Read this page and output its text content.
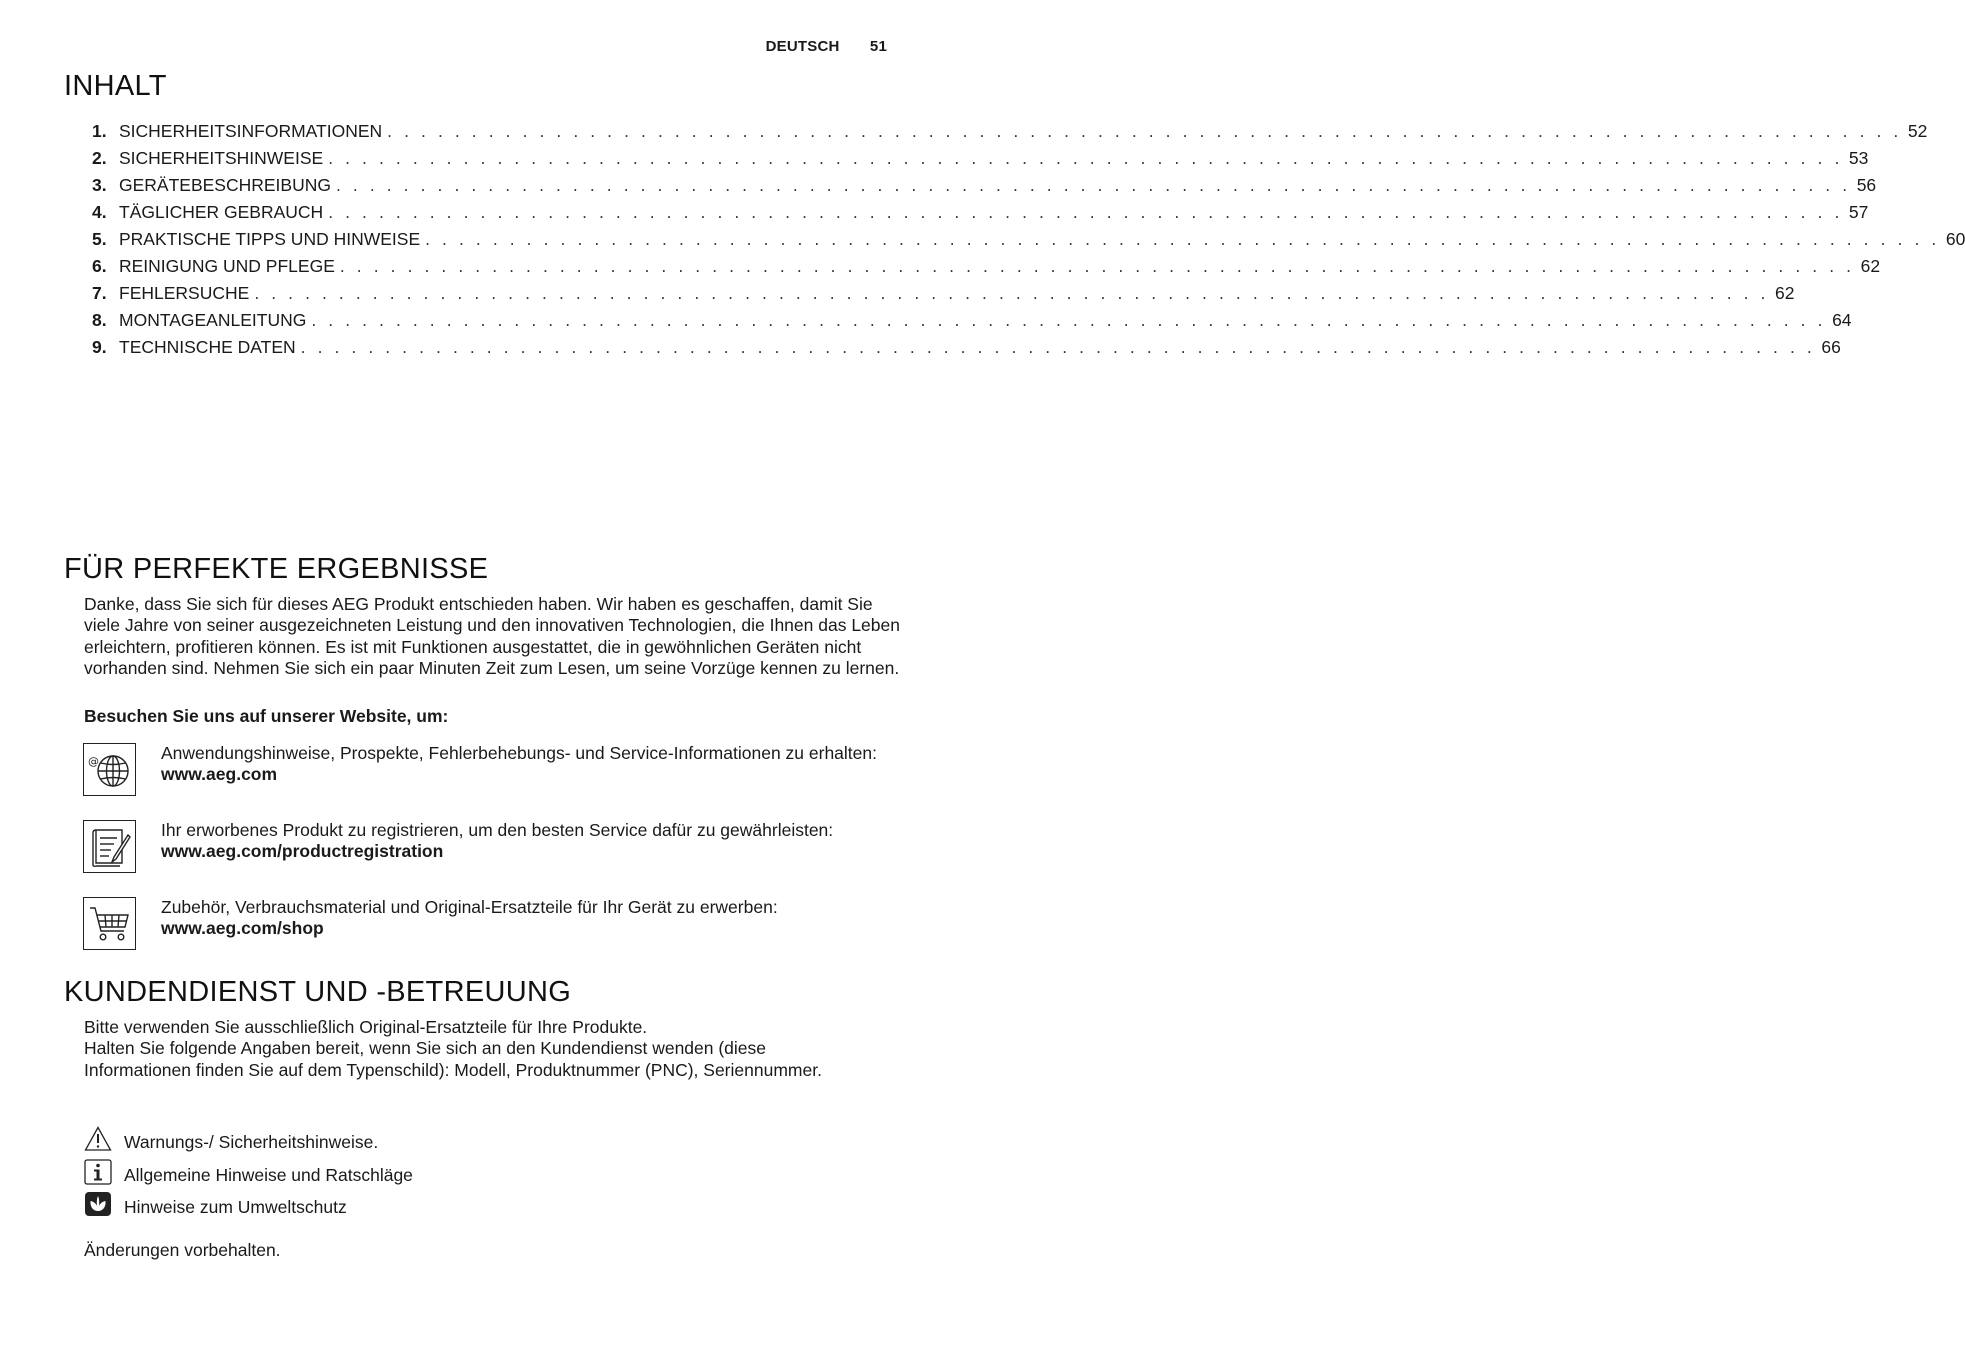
DEUTSCH 51
INHALT
1. SICHERHEITSINFORMATIONEN . . . . . . . . . . . . . . . . . . . . . . . . . . . . . . . . . . . . . . . . . . . . . . . . . . . . . . . . . . . . . . . . . . . . . . . . . . . . . . . . . . . . . . . . . . 52
2. SICHERHEITSHINWEISE . . . . . . . . . . . . . . . . . . . . . . . . . . . . . . . . . . . . . . . . . . . . . . . . . . . . . . . . . . . . . . . . . . . . . . . . . . . . . . . . . . . . . . . . . . 53
3. GERÄTEBESCHREIBUNG . . . . . . . . . . . . . . . . . . . . . . . . . . . . . . . . . . . . . . . . . . . . . . . . . . . . . . . . . . . . . . . . . . . . . . . . . . . . . . . . . . . . . . . . . . 56
4. TÄGLICHER GEBRAUCH . . . . . . . . . . . . . . . . . . . . . . . . . . . . . . . . . . . . . . . . . . . . . . . . . . . . . . . . . . . . . . . . . . . . . . . . . . . . . . . . . . . . . . . . . . 57
5. PRAKTISCHE TIPPS UND HINWEISE . . . . . . . . . . . . . . . . . . . . . . . . . . . . . . . . . . . . . . . . . . . . . . . . . . . . . . . . . . . . . . . . . . . . . . . . . . . . . . . . . . . . . . . . . . 60
6. REINIGUNG UND PFLEGE . . . . . . . . . . . . . . . . . . . . . . . . . . . . . . . . . . . . . . . . . . . . . . . . . . . . . . . . . . . . . . . . . . . . . . . . . . . . . . . . . . . . . . . . . . 62
7. FEHLERSUCHE . . . . . . . . . . . . . . . . . . . . . . . . . . . . . . . . . . . . . . . . . . . . . . . . . . . . . . . . . . . . . . . . . . . . . . . . . . . . . . . . . . . . . . . . . . 62
8. MONTAGEANLEITUNG . . . . . . . . . . . . . . . . . . . . . . . . . . . . . . . . . . . . . . . . . . . . . . . . . . . . . . . . . . . . . . . . . . . . . . . . . . . . . . . . . . . . . . . . . . 64
9. TECHNISCHE DATEN . . . . . . . . . . . . . . . . . . . . . . . . . . . . . . . . . . . . . . . . . . . . . . . . . . . . . . . . . . . . . . . . . . . . . . . . . . . . . . . . . . . . . . . . . . 66
FÜR PERFEKTE ERGEBNISSE
Danke, dass Sie sich für dieses AEG Produkt entschieden haben. Wir haben es geschaffen, damit Sie viele Jahre von seiner ausgezeichneten Leistung und den innovativen Technologien, die Ihnen das Leben erleichtern, profitieren können. Es ist mit Funktionen ausgestattet, die in gewöhnlichen Geräten nicht vorhanden sind. Nehmen Sie sich ein paar Minuten Zeit zum Lesen, um seine Vorzüge kennen zu lernen.
Besuchen Sie uns auf unserer Website, um:
@	Anwendungshinweise, Prospekte, Fehlerbehebungs- und Service-Informationen zu erhalten:
www.aeg.com
Ihr erworbenes Produkt zu registrieren, um den besten Service dafür zu gewährleisten:
www.aeg.com/productregistration
Zubehör, Verbrauchsmaterial und Original-Ersatzteile für Ihr Gerät zu erwerben:
www.aeg.com/shop
KUNDENDIENST UND -BETREUUNG
Bitte verwenden Sie ausschließlich Original-Ersatzteile für Ihre Produkte.
Halten Sie folgende Angaben bereit, wenn Sie sich an den Kundendienst wenden (diese Informationen finden Sie auf dem Typenschild): Modell, Produktnummer (PNC), Seriennummer.
Warnungs-/ Sicherheitshinweise.
Allgemeine Hinweise und Ratschläge
Hinweise zum Umweltschutz
Änderungen vorbehalten.
